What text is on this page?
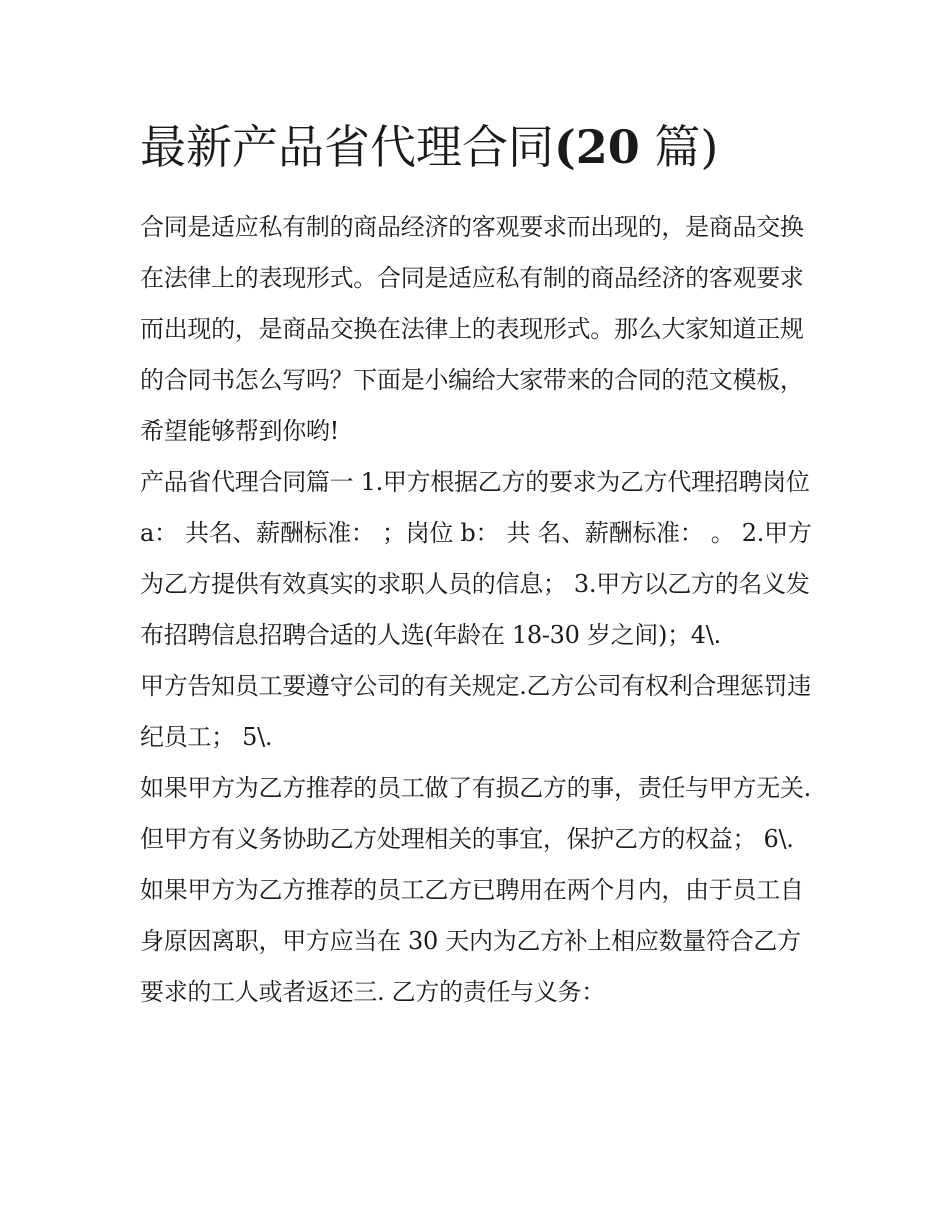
最新产品省代理合同(20 篇)

合同是适应私有制的商品经济的客观要求而出现的，是商品交换在法律上的表现形式。合同是适应私有制的商品经济的客观要求而出现的，是商品交换在法律上的表现形式。那么大家知道正规的合同书怎么写吗？下面是小编给大家带来的合同的范文模板，希望能够帮到你哟!

产品省代理合同篇一 1.甲方根据乙方的要求为乙方代理招聘岗位 a： 共名、薪酬标准： ；岗位 b： 共 名、薪酬标准： 。 2.甲方为乙方提供有效真实的求职人员的信息； 3.甲方以乙方的名义发布招聘信息招聘合适的人选(年龄在 18-30 岁之间)；4\.

甲方告知员工要遵守公司的有关规定.乙方公司有权利合理惩罚违纪员工； 5\.

如果甲方为乙方推荐的员工做了有损乙方的事，责任与甲方无关.但甲方有义务协助乙方处理相关的事宜，保护乙方的权益； 6\.

如果甲方为乙方推荐的员工乙方已聘用在两个月内，由于员工自身原因离职，甲方应当在 30 天内为乙方补上相应数量符合乙方要求的工人或者返还三. 乙方的责任与义务：
